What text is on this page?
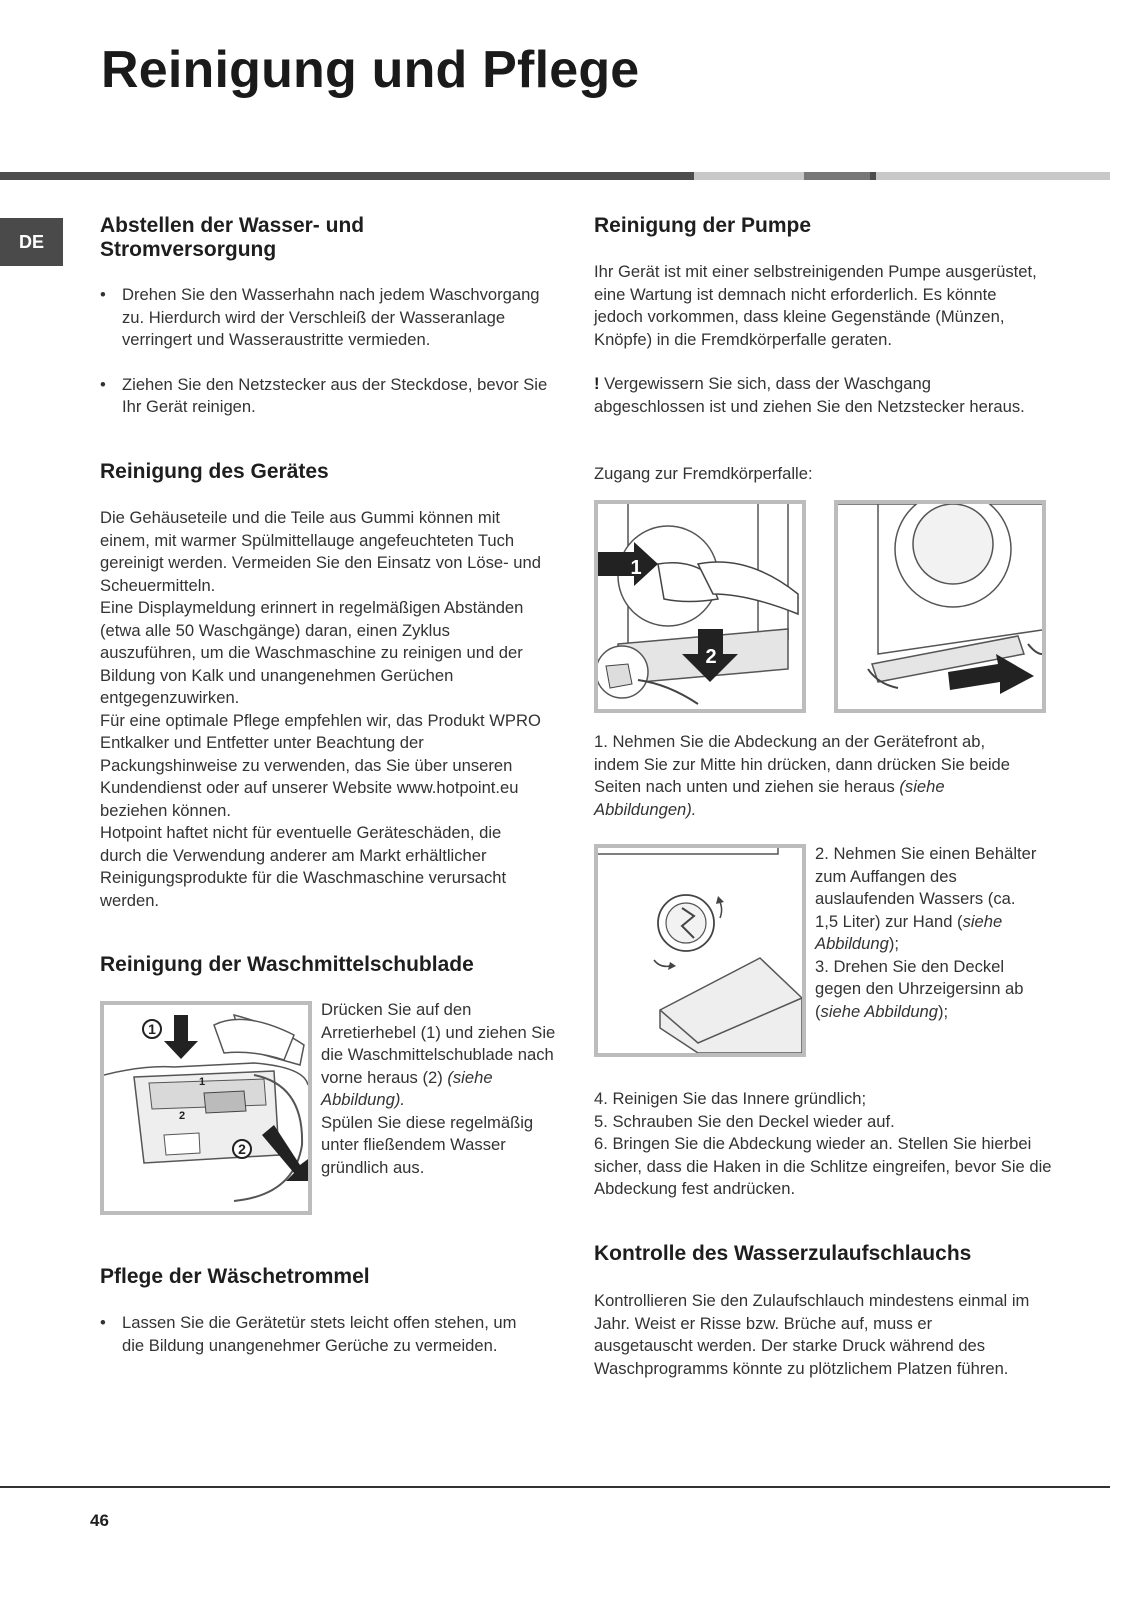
Reinigung und Pflege
DE
Abstellen der Wasser- und Stromversorgung
• Drehen Sie den Wasserhahn nach jedem Waschvorgang zu. Hierdurch wird der Verschleiß der Wasseranlage verringert und Wasseraustritte vermieden.
• Ziehen Sie den Netzstecker aus der Steckdose, bevor Sie Ihr Gerät reinigen.
Reinigung des Gerätes

Die Gehäuseteile und die Teile aus Gummi können mit einem, mit warmer Spülmittellauge angefeuchteten Tuch gereinigt werden. Vermeiden Sie den Einsatz von Löse- und Scheuermitteln.
Eine Displaymeldung erinnert in regelmäßigen Abständen (etwa alle 50 Waschgänge) daran, einen Zyklus auszuführen, um die Waschmaschine zu reinigen und der Bildung von Kalk und unangenehmen Gerüchen entgegenzuwirken.
Für eine optimale Pflege empfehlen wir, das Produkt WPRO Entkalker und Entfetter unter Beachtung der Packungshinweise zu verwenden, das Sie über unseren Kundendienst oder auf unserer Website www.hotpoint.eu beziehen können.
Hotpoint haftet nicht für eventuelle Geräteschäden, die durch die Verwendung anderer am Markt erhältlicher Reinigungsprodukte für die Waschmaschine verursacht werden.

Reinigung der Waschmittelschublade
1
2
1
2
Drücken Sie auf den Arretierhebel (1) und ziehen Sie die Waschmittelschublade nach vorne heraus (2) (siehe Abbildung).
Spülen Sie diese regelmäßig unter fließendem Wasser gründlich aus.
Pflege der Wäschetrommel
• Lassen Sie die Gerätetür stets leicht offen stehen, um die Bildung unangenehmer Gerüche zu vermeiden.
Reinigung der Pumpe

Ihr Gerät ist mit einer selbstreinigenden Pumpe ausgerüstet, eine Wartung ist demnach nicht erforderlich. Es könnte jedoch vorkommen, dass kleine Gegenstände (Münzen, Knöpfe) in die Fremdkörperfalle geraten.

! Vergewissern Sie sich, dass der Waschgang abgeschlossen ist und ziehen Sie den Netzstecker heraus.

Zugang zur Fremdkörperfalle:

1
2
1. Nehmen Sie die Abdeckung an der Gerätefront ab, indem Sie zur Mitte hin drücken, dann drücken Sie beide Seiten nach unten und ziehen sie heraus (siehe Abbildungen).
2. Nehmen Sie einen Behälter zum Auffangen des auslaufenden Wassers (ca. 1,5 Liter) zur Hand (siehe Abbildung);
3. Drehen Sie den Deckel gegen den Uhrzeigersinn ab (siehe Abbildung);
4. Reinigen Sie das Innere gründlich;
5. Schrauben Sie den Deckel wieder auf.
6. Bringen Sie die Abdeckung wieder an. Stellen Sie hierbei sicher, dass die Haken in die Schlitze eingreifen, bevor Sie die Abdeckung fest andrücken.
Kontrolle des Wasserzulaufschlauchs

Kontrollieren Sie den Zulaufschlauch mindestens einmal im Jahr. Weist er Risse bzw. Brüche auf, muss er ausgetauscht werden. Der starke Druck während des Waschprogramms könnte zu plötzlichem Platzen führen.

46
